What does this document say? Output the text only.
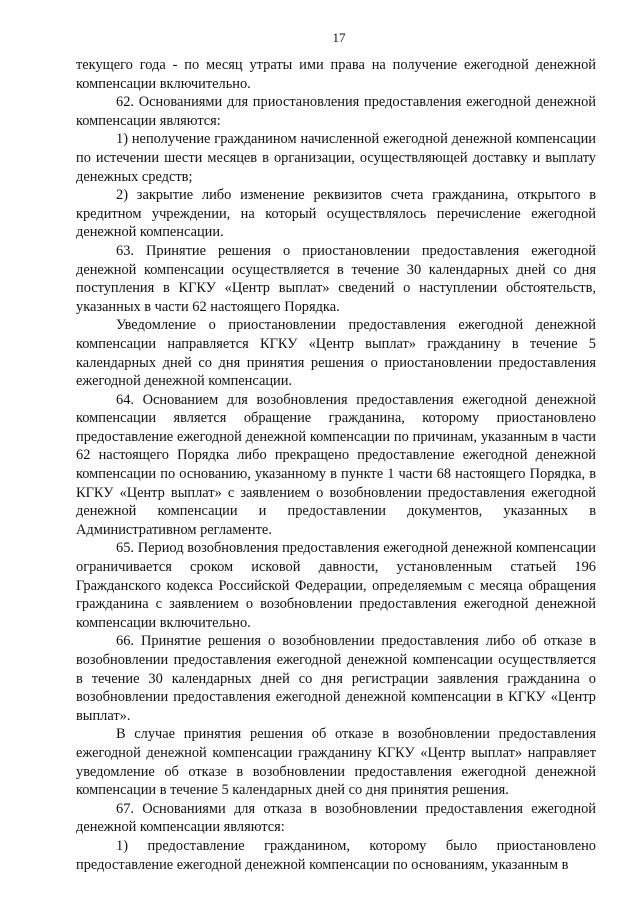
17

текущего года - по месяц утраты ими права на получение ежегодной денежной компенсации включительно.

62. Основаниями для приостановления предоставления ежегодной денежной компенсации являются:

1) неполучение гражданином начисленной ежегодной денежной компенсации по истечении шести месяцев в организации, осуществляющей доставку и выплату денежных средств;

2) закрытие либо изменение реквизитов счета гражданина, открытого в кредитном учреждении, на который осуществлялось перечисление ежегодной денежной компенсации.

63. Принятие решения о приостановлении предоставления ежегодной денежной компенсации осуществляется в течение 30 календарных дней со дня поступления в КГКУ «Центр выплат» сведений о наступлении обстоятельств, указанных в части 62 настоящего Порядка.

Уведомление о приостановлении предоставления ежегодной денежной компенсации направляется КГКУ «Центр выплат» гражданину в течение 5 календарных дней со дня принятия решения о приостановлении предоставления ежегодной денежной компенсации.

64. Основанием для возобновления предоставления ежегодной денежной компенсации является обращение гражданина, которому приостановлено предоставление ежегодной денежной компенсации по причинам, указанным в части 62 настоящего Порядка либо прекращено предоставление ежегодной денежной компенсации по основанию, указанному в пункте 1 части 68 настоящего Порядка, в КГКУ «Центр выплат» с заявлением о возобновлении предоставления ежегодной денежной компенсации и предоставлении документов, указанных в Административном регламенте.

65. Период возобновления предоставления ежегодной денежной компенсации ограничивается сроком исковой давности, установленным статьей 196 Гражданского кодекса Российской Федерации, определяемым с месяца обращения гражданина с заявлением о возобновлении предоставления ежегодной денежной компенсации включительно.

66. Принятие решения о возобновлении предоставления либо об отказе в возобновлении предоставления ежегодной денежной компенсации осуществляется в течение 30 календарных дней со дня регистрации заявления гражданина о возобновлении предоставления ежегодной денежной компенсации в КГКУ «Центр выплат».

В случае принятия решения об отказе в возобновлении предоставления ежегодной денежной компенсации гражданину КГКУ «Центр выплат» направляет уведомление об отказе в возобновлении предоставления ежегодной денежной компенсации в течение 5 календарных дней со дня принятия решения.

67. Основаниями для отказа в возобновлении предоставления ежегодной денежной компенсации являются:

1) предоставление гражданином, которому было приостановлено предоставление ежегодной денежной компенсации по основаниям, указанным в
